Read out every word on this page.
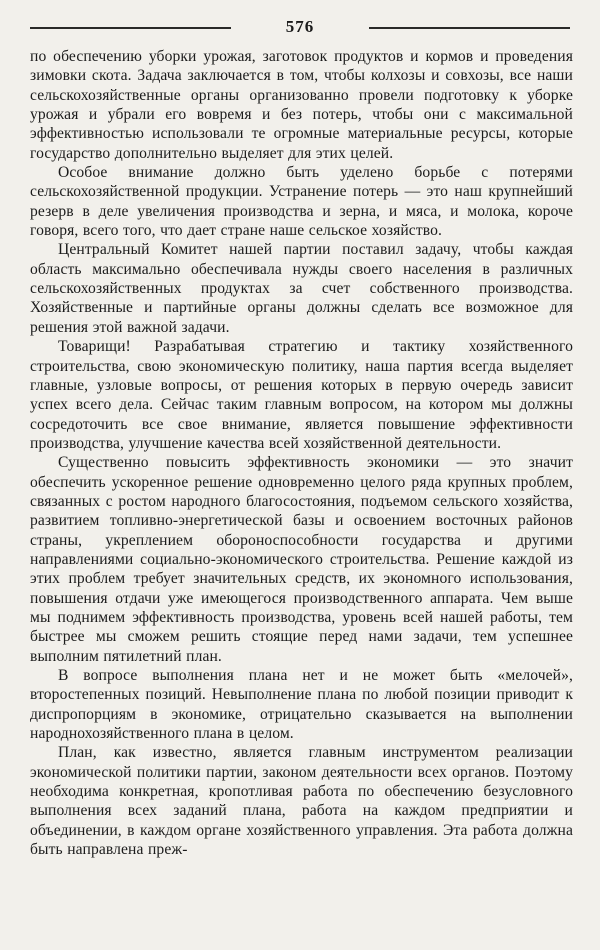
576

по обеспечению уборки урожая, заготовок продуктов и кормов и проведения зимовки скота. Задача заключается в том, чтобы колхозы и совхозы, все наши сельскохозяйственные органы организованно провели подготовку к уборке урожая и убрали его вовремя и без потерь, чтобы они с максимальной эффективностью использовали те огромные материальные ресурсы, которые государство дополнительно выделяет для этих целей.

Особое внимание должно быть уделено борьбе с потерями сельскохозяйственной продукции. Устранение потерь — это наш крупнейший резерв в деле увеличения производства и зерна, и мяса, и молока, короче говоря, всего того, что дает стране наше сельское хозяйство.

Центральный Комитет нашей партии поставил задачу, чтобы каждая область максимально обеспечивала нужды своего населения в различных сельскохозяйственных продуктах за счет собственного производства. Хозяйственные и партийные органы должны сделать все возможное для решения этой важной задачи.

Товарищи! Разрабатывая стратегию и тактику хозяйственного строительства, свою экономическую политику, наша партия всегда выделяет главные, узловые вопросы, от решения которых в первую очередь зависит успех всего дела. Сейчас таким главным вопросом, на котором мы должны сосредоточить все свое внимание, является повышение эффективности производства, улучшение качества всей хозяйственной деятельности.

Существенно повысить эффективность экономики — это значит обеспечить ускоренное решение одновременно целого ряда крупных проблем, связанных с ростом народного благосостояния, подъемом сельского хозяйства, развитием топливно-энергетической базы и освоением восточных районов страны, укреплением обороноспособности государства и другими направлениями социально-экономического строительства. Решение каждой из этих проблем требует значительных средств, их экономного использования, повышения отдачи уже имеющегося производственного аппарата. Чем выше мы поднимем эффективность производства, уровень всей нашей работы, тем быстрее мы сможем решить стоящие перед нами задачи, тем успешнее выполним пятилетний план.

В вопросе выполнения плана нет и не может быть «мелочей», второстепенных позиций. Невыполнение плана по любой позиции приводит к диспропорциям в экономике, отрицательно сказывается на выполнении народнохозяйственного плана в целом.

План, как известно, является главным инструментом реализации экономической политики партии, законом деятельности всех органов. Поэтому необходима конкретная, кропотливая работа по обеспечению безусловного выполнения всех заданий плана, работа на каждом предприятии и объединении, в каждом органе хозяйственного управления. Эта работа должна быть направлена преж-
